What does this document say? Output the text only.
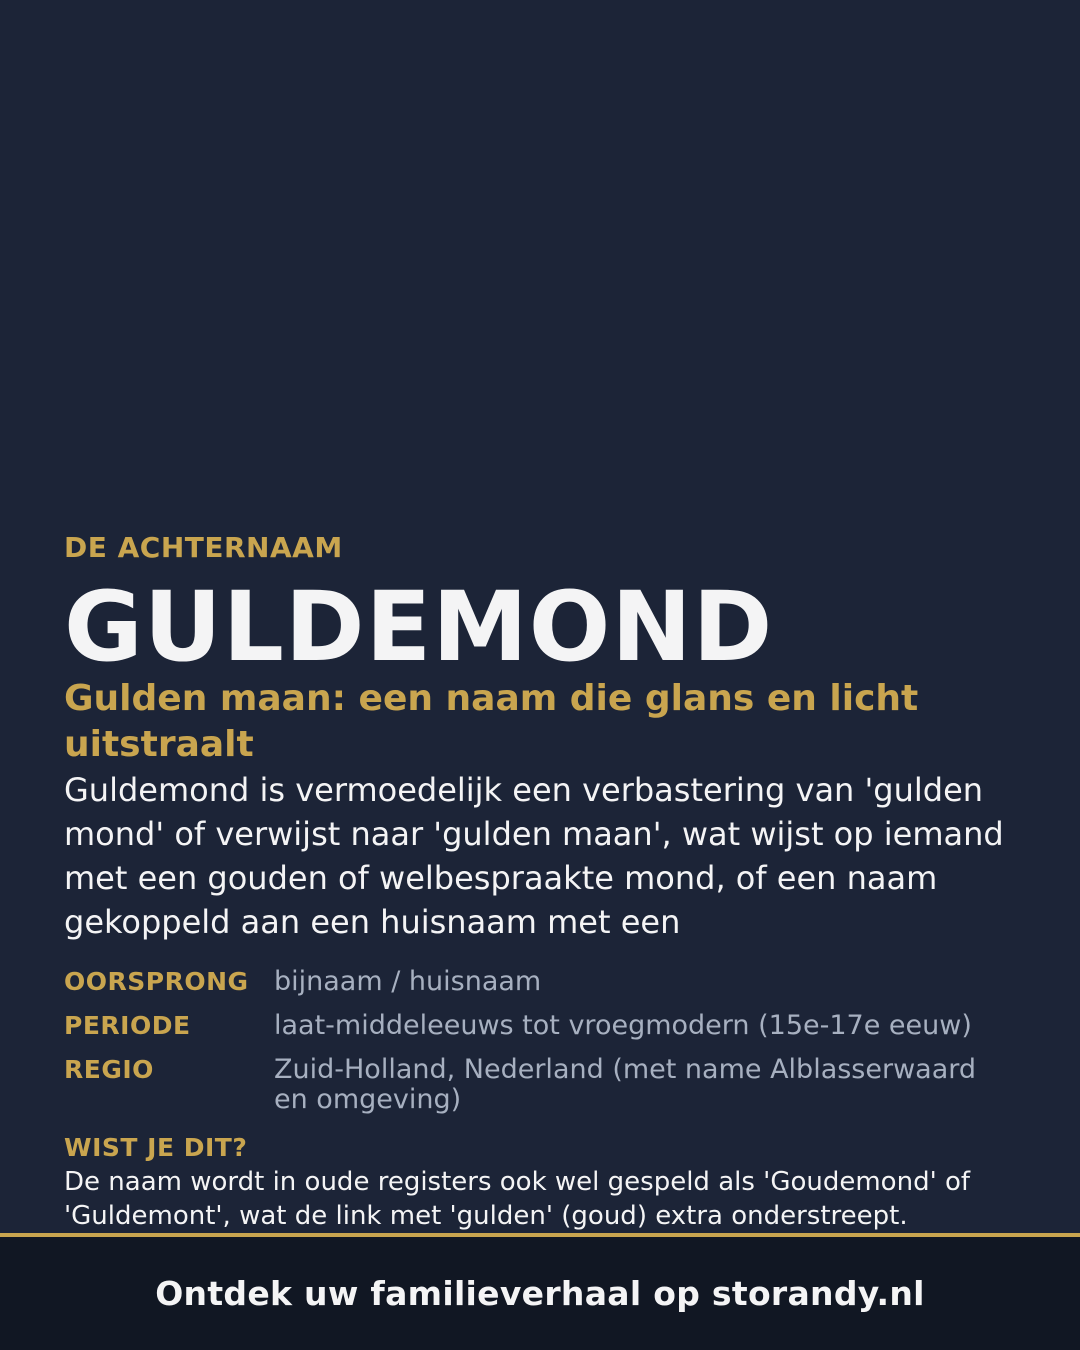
DE ACHTERNAAM
GULDEMOND
Gulden maan: een naam die glans en licht uitstraalt
Guldemond is vermoedelijk een verbastering van 'gulden mond' of verwijst naar 'gulden maan', wat wijst op iemand met een gouden of welbespraakte mond, of een naam gekoppeld aan een huisnaam met een
OORSPRONG bijnaam / huisnaam
PERIODE	laat-middeleeuws tot vroegmodern (15e-17e eeuw)
REGIO	Zuid-Holland, Nederland (met name Alblasserwaard en omgeving)
WIST JE DIT?
De naam wordt in oude registers ook wel gespeld als 'Goudemond' of 'Guldemont', wat de link met 'gulden' (goud) extra onderstreept.
Ontdek uw familieverhaal op storandy.nl
